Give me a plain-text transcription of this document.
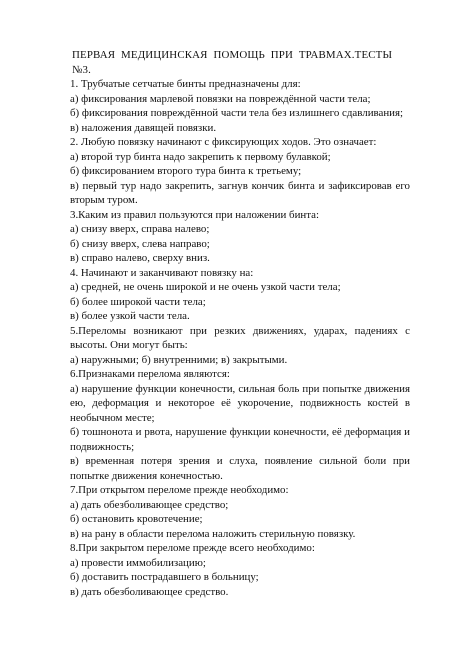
ПЕРВАЯ МЕДИЦИНСКАЯ ПОМОЩЬ ПРИ ТРАВМАХ.ТЕСТЫ №3.
1. Трубчатые сетчатые бинты предназначены для:
а) фиксирования марлевой повязки на повреждённой части тела;
б) фиксирования повреждённой части тела без излишнего сдавливания;
в) наложения давящей повязки.
2. Любую повязку начинают с фиксирующих ходов. Это означает:
а) второй тур бинта надо закрепить к первому булавкой;
б) фиксированием второго тура бинта к третьему;
в) первый тур надо закрепить, загнув кончик бинта и зафиксировав его вторым туром.
3.Каким из правил пользуются при наложении бинта:
а) снизу вверх, справа налево;
б) снизу вверх, слева направо;
в) справо налево, сверху вниз.
4. Начинают и заканчивают повязку на:
а) средней, не очень широкой и не очень узкой части тела;
б) более широкой части тела;
в) более узкой части тела.
5.Переломы возникают при резких движениях, ударах, падениях с высоты. Они могут быть:
а) наружными; б) внутренними; в) закрытыми.
6.Признаками перелома являются:
а) нарушение функции конечности, сильная боль при попытке движения ею, деформация и некоторое её укорочение, подвижность костей в необычном месте;
б) тошнонота и рвота, нарушение функции конечности, её деформация и подвижность;
в) временная потеря зрения и слуха, появление сильной боли при попытке движения конечностью.
7.При открытом переломе прежде необходимо:
а) дать обезболивающее средство;
б) остановить кровотечение;
в) на рану в области перелома наложить стерильную повязку.
8.При закрытом переломе прежде всего необходимо:
а) провести иммобилизацию;
б) доставить пострадавшего в больницу;
в) дать обезболивающее средство.
